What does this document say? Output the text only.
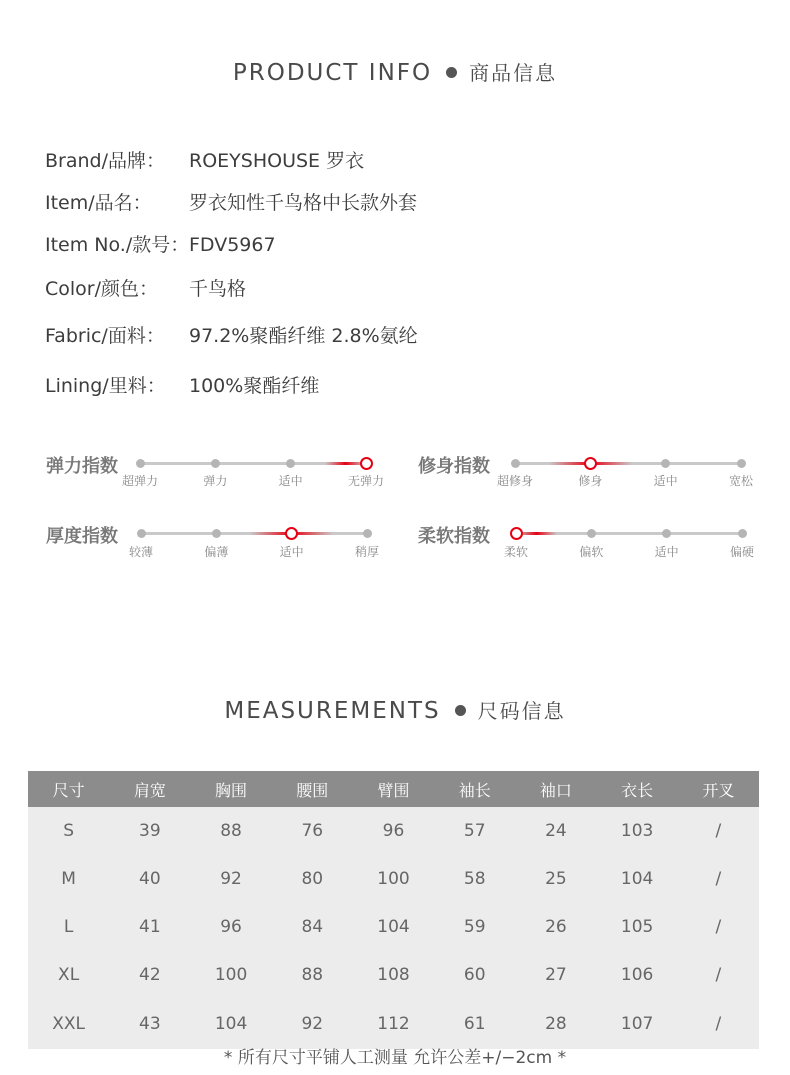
PRODUCT INFO 商品信息
Brand/品牌： ROEYSHOUSE 罗衣
Item/品名： 罗衣知性千鸟格中长款外套
Item No./款号：FDV5967
Color/颜色： 千鸟格
Fabric/面料： 97.2%聚酯纤维 2.8%氨纶
Lining/里料： 100%聚酯纤维
弹力指数
超弹力	弹力	适中	无弹力
修身指数
超修身	修身	适中	宽松
厚度指数
较薄	偏薄	适中	稍厚
柔软指数
柔软	偏软	适中	偏硬
MEASUREMENTS 尺码信息
尺寸	肩宽	胸围	腰围	臂围	袖长	袖口	衣长	开叉
S	39	88	76	96	57	24	103	/
M	40	92	80	100	58	25	104	/
L	41	96	84	104	59	26	105	/
XL	42	100	88	108	60	27	106	/
XXL	43	104	92	112	61	28	107	/
* 所有尺寸平铺人工测量 允许公差+/−2cm *
